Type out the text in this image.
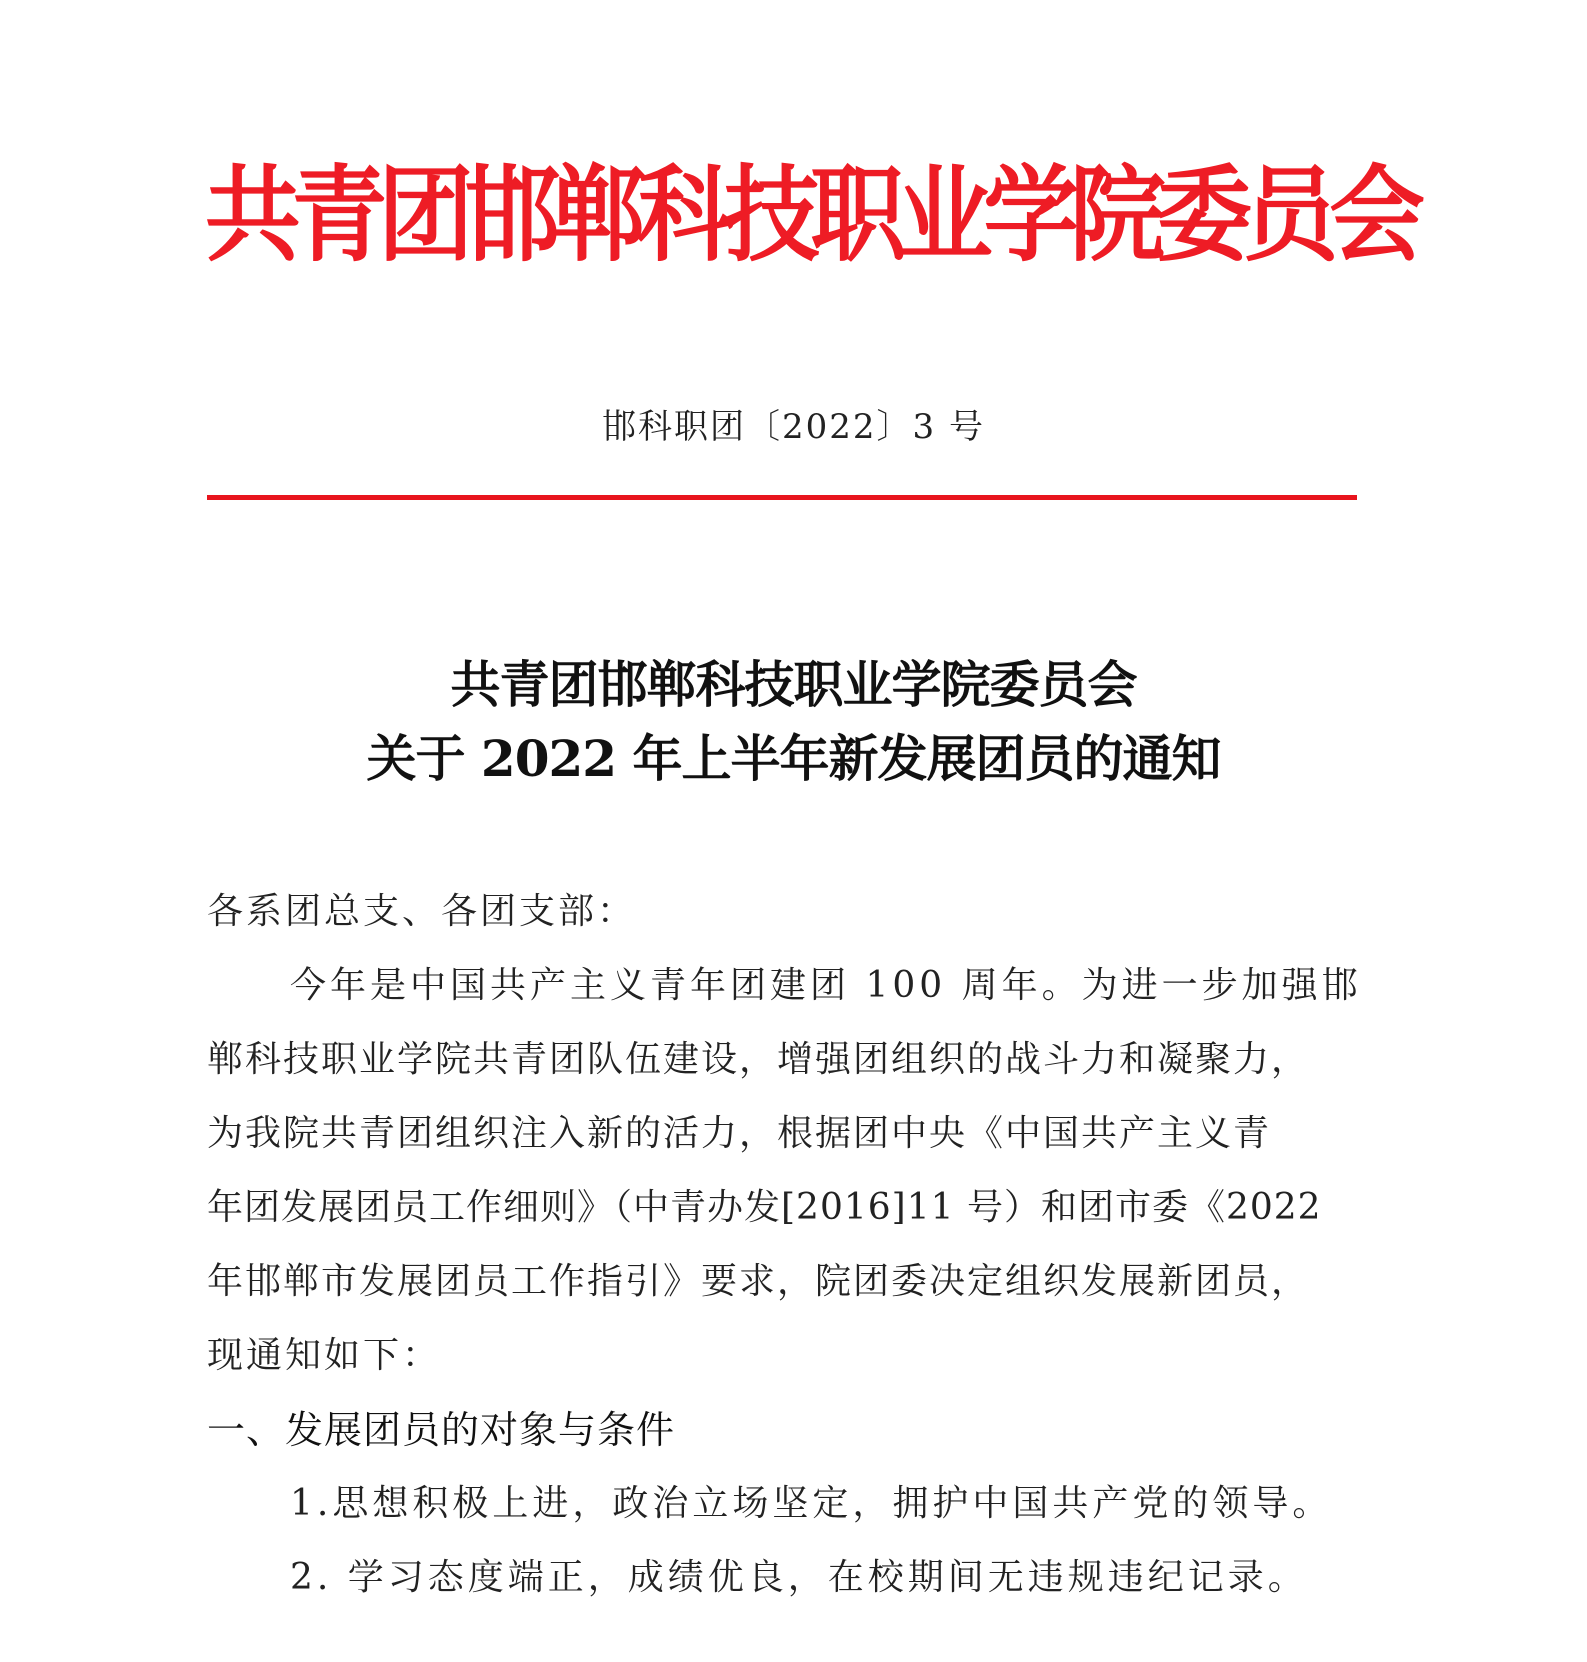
共青团邯郸科技职业学院委员会
邯科职团〔2022〕3 号
共青团邯郸科技职业学院委员会
关于 2022 年上半年新发展团员的通知
各系团总支、各团支部：
今年是中国共产主义青年团建团 100 周年。为进一步加强邯
郸科技职业学院共青团队伍建设，增强团组织的战斗力和凝聚力，
为我院共青团组织注入新的活力，根据团中央《中国共产主义青
年团发展团员工作细则》（中青办发[2016]11 号）和团市委《2022
年邯郸市发展团员工作指引》要求，院团委决定组织发展新团员，
现通知如下：
一、发展团员的对象与条件
1.思想积极上进，政治立场坚定，拥护中国共产党的领导。
2. 学习态度端正，成绩优良，在校期间无违规违纪记录。
